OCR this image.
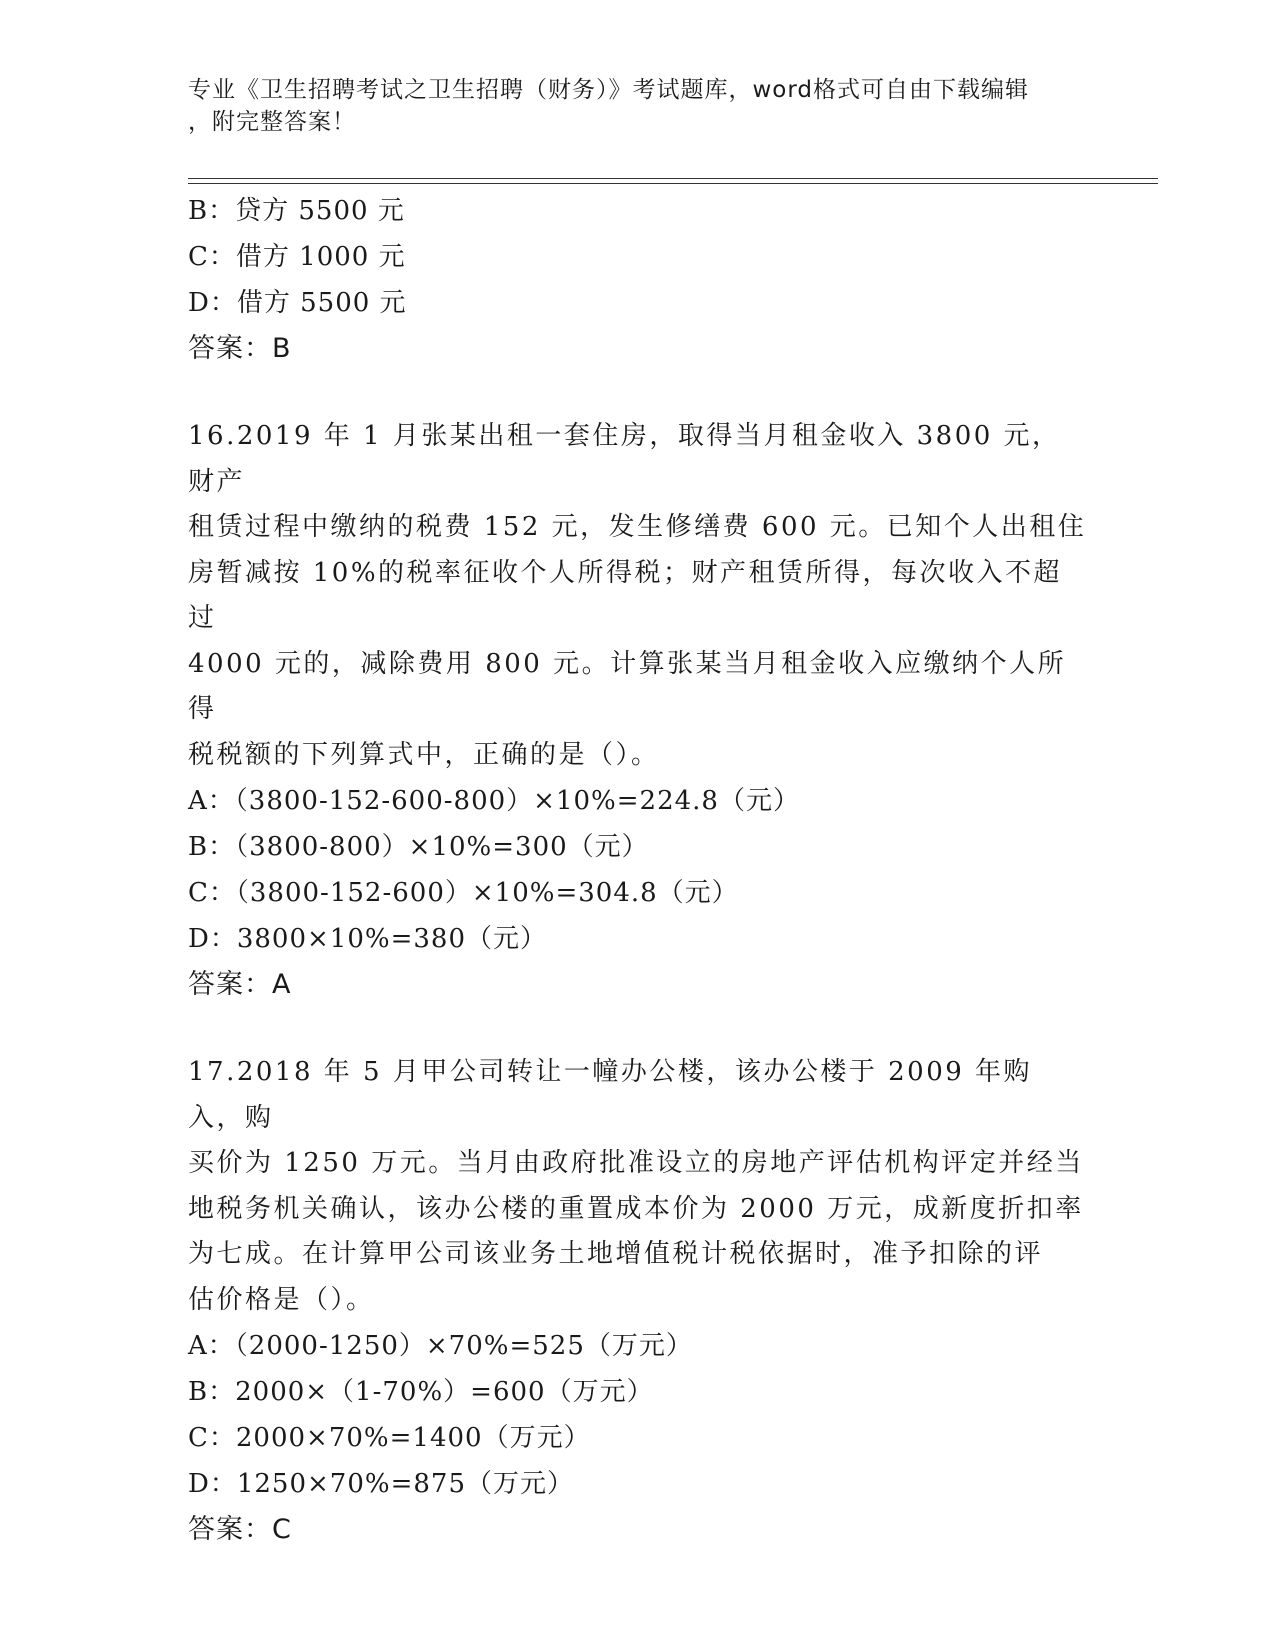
专业《卫生招聘考试之卫生招聘（财务）》考试题库，word格式可自由下载编辑
，附完整答案！
B：贷方 5500 元
C：借方 1000 元
D：借方 5500 元
答案：B
16.2019 年 1 月张某出租一套住房，取得当月租金收入 3800 元，财产
租赁过程中缴纳的税费 152 元，发生修缮费 600 元。已知个人出租住
房暂减按 10%的税率征收个人所得税；财产租赁所得，每次收入不超过
4000 元的，减除费用 800 元。计算张某当月租金收入应缴纳个人所得
税税额的下列算式中，正确的是（）。
A：（3800-152-600-800）×10%=224.8（元）
B：（3800-800）×10%=300（元）
C：（3800-152-600）×10%=304.8（元）
D：3800×10%=380（元）
答案：A
17.2018 年 5 月甲公司转让一幢办公楼，该办公楼于 2009 年购入，购
买价为 1250 万元。当月由政府批准设立的房地产评估机构评定并经当
地税务机关确认，该办公楼的重置成本价为 2000 万元，成新度折扣率
为七成。在计算甲公司该业务土地增值税计税依据时，准予扣除的评
估价格是（）。
A：（2000-1250）×70%=525（万元）
B：2000×（1-70%）=600（万元）
C：2000×70%=1400（万元）
D：1250×70%=875（万元）
答案：C
